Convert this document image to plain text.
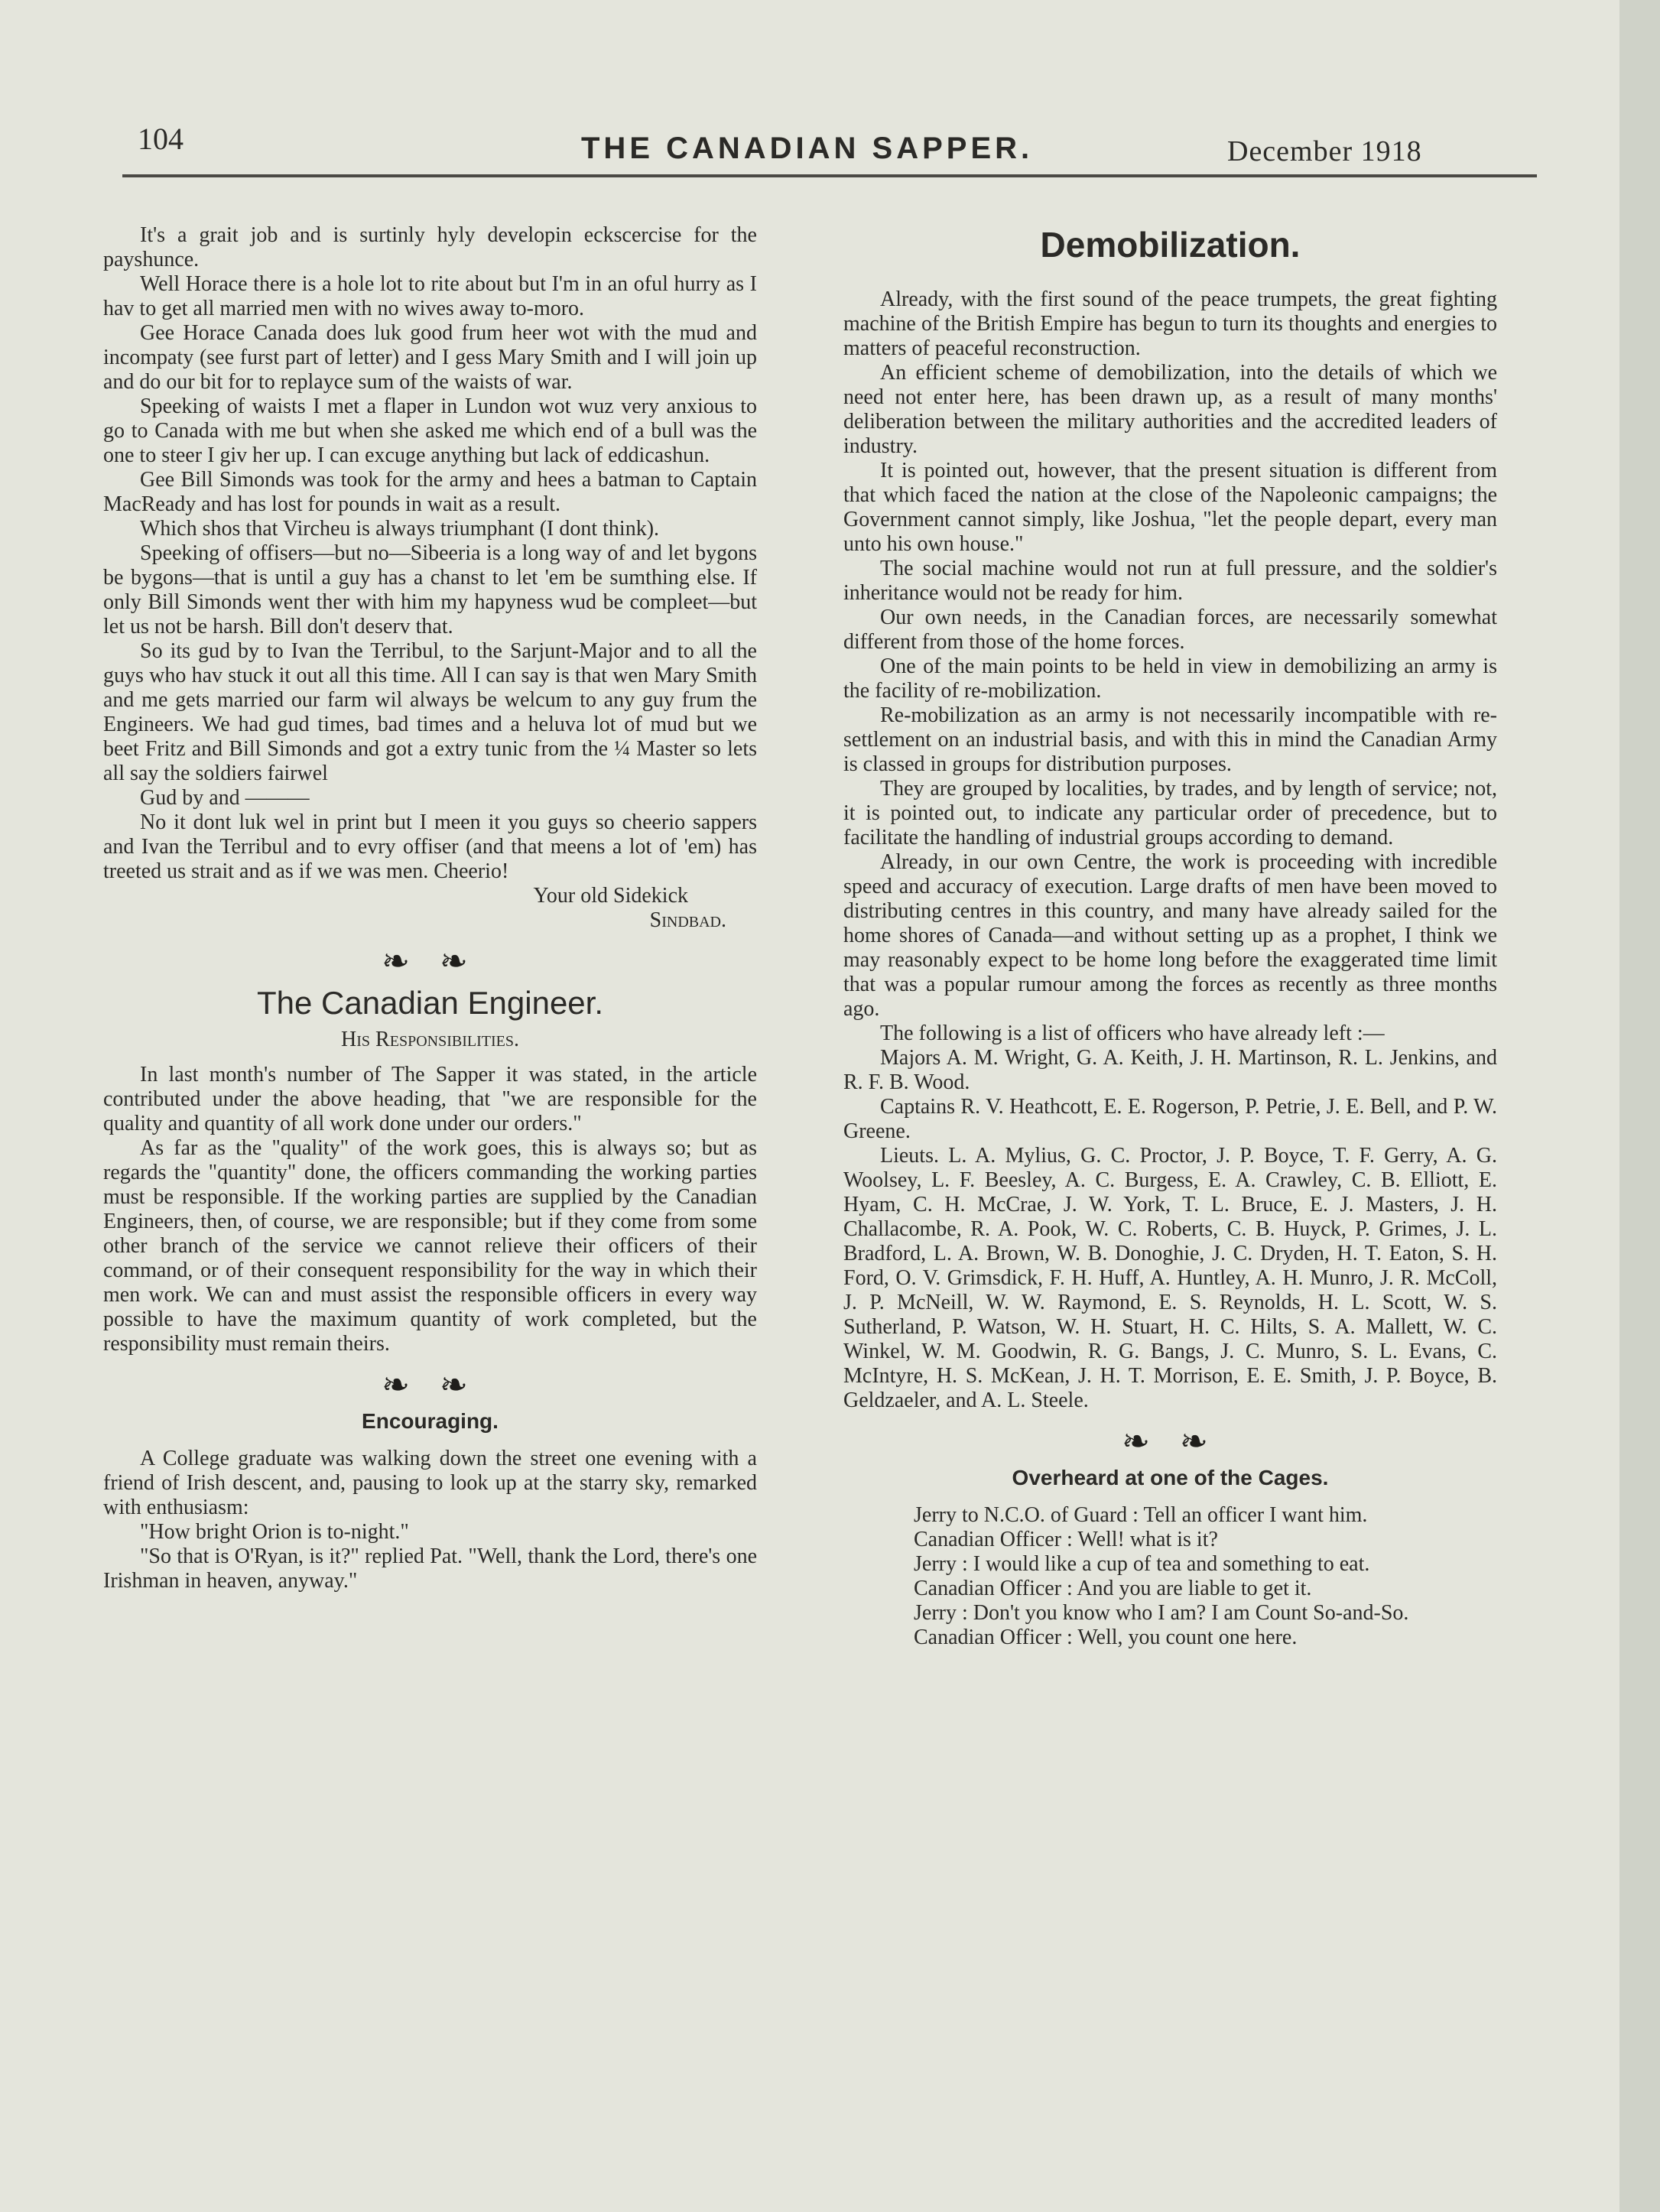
104	THE CANADIAN SAPPER.	December 1918

It's a grait job and is surtinly hyly developin eckscercise for the payshunce.

Well Horace there is a hole lot to rite about but I'm in an oful hurry as I hav to get all married men with no wives away to-moro.

Gee Horace Canada does luk good frum heer wot with the mud and incompaty (see furst part of letter) and I gess Mary Smith and I will join up and do our bit for to replayce sum of the waists of war.

Speeking of waists I met a flaper in Lundon wot wuz very anxious to go to Canada with me but when she asked me which end of a bull was the one to steer I giv her up. I can excuge anything but lack of eddicashun.

Gee Bill Simonds was took for the army and hees a batman to Captain MacReady and has lost for pounds in wait as a result.

Which shos that Vircheu is always triumphant (I dont think).

Speeking of offisers—but no—Sibeeria is a long way of and let bygons be bygons—that is until a guy has a chanst to let 'em be sumthing else. If only Bill Simonds went ther with him my hapyness wud be compleet—but let us not be harsh. Bill don't deserv that.

So its gud by to Ivan the Terribul, to the Sarjunt-Major and to all the guys who hav stuck it out all this time. All I can say is that wen Mary Smith and me gets married our farm wil always be welcum to any guy frum the Engineers. We had gud times, bad times and a heluva lot of mud but we beet Fritz and Bill Simonds and got a extry tunic from the ¼ Master so lets all say the soldiers fairwel

Gud by and ———

No it dont luk wel in print but I meen it you guys so cheerio sappers and Ivan the Terribul and to evry offiser (and that meens a lot of 'em) has treeted us strait and as if we was men. Cheerio!

Your old Sidekick
Sindbad.
❧ ❧
The Canadian Engineer.
His Responsibilities.

In last month's number of The Sapper it was stated, in the article contributed under the above heading, that "we are responsible for the quality and quantity of all work done under our orders."

As far as the "quality" of the work goes, this is always so; but as regards the "quantity" done, the officers commanding the working parties must be responsible. If the working parties are supplied by the Canadian Engineers, then, of course, we are responsible; but if they come from some other branch of the service we cannot relieve their officers of their command, or of their consequent responsibility for the way in which their men work. We can and must assist the responsible officers in every way possible to have the maximum quantity of work completed, but the responsibility must remain theirs.

❧ ❧
Encouraging.

A College graduate was walking down the street one evening with a friend of Irish descent, and, pausing to look up at the starry sky, remarked with enthusiasm:

"How bright Orion is to-night."

"So that is O'Ryan, is it?" replied Pat. "Well, thank the Lord, there's one Irishman in heaven, anyway."

Demobilization.

Already, with the first sound of the peace trumpets, the great fighting machine of the British Empire has begun to turn its thoughts and energies to matters of peaceful reconstruction.

An efficient scheme of demobilization, into the details of which we need not enter here, has been drawn up, as a result of many months' deliberation between the military authorities and the accredited leaders of industry.

It is pointed out, however, that the present situation is different from that which faced the nation at the close of the Napoleonic campaigns; the Government cannot simply, like Joshua, "let the people depart, every man unto his own house."

The social machine would not run at full pressure, and the soldier's inheritance would not be ready for him.

Our own needs, in the Canadian forces, are necessarily somewhat different from those of the home forces.

One of the main points to be held in view in demobilizing an army is the facility of re-mobilization.

Re-mobilization as an army is not necessarily incompatible with re-settlement on an industrial basis, and with this in mind the Canadian Army is classed in groups for distribution purposes.

They are grouped by localities, by trades, and by length of service; not, it is pointed out, to indicate any particular order of precedence, but to facilitate the handling of industrial groups according to demand.

Already, in our own Centre, the work is proceeding with incredible speed and accuracy of execution. Large drafts of men have been moved to distributing centres in this country, and many have already sailed for the home shores of Canada—and without setting up as a prophet, I think we may reasonably expect to be home long before the exaggerated time limit that was a popular rumour among the forces as recently as three months ago.

The following is a list of officers who have already left :—

Majors A. M. Wright, G. A. Keith, J. H. Martinson, R. L. Jenkins, and R. F. B. Wood.

Captains R. V. Heathcott, E. E. Rogerson, P. Petrie, J. E. Bell, and P. W. Greene.

Lieuts. L. A. Mylius, G. C. Proctor, J. P. Boyce, T. F. Gerry, A. G. Woolsey, L. F. Beesley, A. C. Burgess, E. A. Crawley, C. B. Elliott, E. Hyam, C. H. McCrae, J. W. York, T. L. Bruce, E. J. Masters, J. H. Challacombe, R. A. Pook, W. C. Roberts, C. B. Huyck, P. Grimes, J. L. Bradford, L. A. Brown, W. B. Donoghie, J. C. Dryden, H. T. Eaton, S. H. Ford, O. V. Grimsdick, F. H. Huff, A. Huntley, A. H. Munro, J. R. McColl, J. P. McNeill, W. W. Raymond, E. S. Reynolds, H. L. Scott, W. S. Sutherland, P. Watson, W. H. Stuart, H. C. Hilts, S. A. Mallett, W. C. Winkel, W. M. Goodwin, R. G. Bangs, J. C. Munro, S. L. Evans, C. McIntyre, H. S. McKean, J. H. T. Morrison, E. E. Smith, J. P. Boyce, B. Geldzaeler, and A. L. Steele.

❧ ❧
Overheard at one of the Cages.

Jerry to N.C.O. of Guard : Tell an officer I want him.

Canadian Officer : Well! what is it?

Jerry : I would like a cup of tea and something to eat.

Canadian Officer : And you are liable to get it.

Jerry : Don't you know who I am? I am Count So-and-So.

Canadian Officer : Well, you count one here.
